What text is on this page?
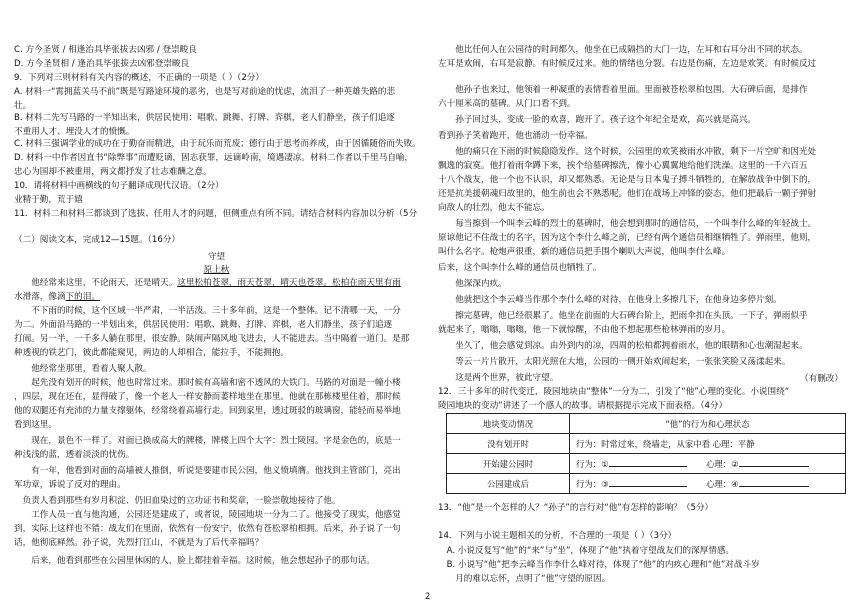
C. 方今圣贤 / 相逢治具毕张拔去凶邪 / 登崇畯良
D. 方今圣贤相 / 逢治具毕张拔去凶邪登崇畯良
9．下列对三则材料有关内容的概述，不正确的一项是（ ）（2分）
A. 材料一“霄拥蓝关马不前”既是写路途环境的恶劣，也是写对前途的忧虑，流泪了一种英雄失路的悲
壮。
B. 材料二先写马路的一半知出来，供居民使用：唱歌、跳舞、打牌、弈棋，老人们静坐，孩子们追逐
不重用人才、埋没人才的愤慨。
C. 材料三强调学业的成功在于勤奋而精进，由于玩乐而荒废；德行由于思考而养成，由于因循随俗而失败。
D. 材料一中作者因直书“除弊事”而遭贬谪，固志获罪，远谪岭南，境遇凄凉。材料二作者以千里马自喻，
忠心为国却不被重用，两文都抒发了壮志难酬之意。
10．请将材料中画横线的句子翻译成现代汉语。（2分）
业精于勤，荒于嬉
11．材料二和材料三都谈到了选拔、任用人才的问题，但侧重点有所不同。请结合材料内容加以分析（5分
（二）阅读文本，完成12—15题。（16分）
守望
原上秋
  他经常来这里，不论雨天，还是晴天。这里松柏苍翠，雨天苍翠，晴天也苍翠。松柏在雨天里有雨
水滑落，像滴下的泪。
  不下雨的时候，这个区域一半严肃，一半活泼。三十多年前，这是一个整体。记不清哪一天，一分
为二。外面沿马路的一半划出来，供居民使用：唱歌、跳舞、打牌、弈棋，老人们静坐，孩子们追逐
打闹。另一半，一千多人躺在那里，很安静。陕闹声隔风地飞进去，人不能进去。当中隔着一道门。是那
种透视的铁艺门，彼此都能窥见，两边的人却相合，能拉手，不能拥抱。
  他经常坐那里，看着人聚人散。
  起先没有划开的时候，他也时常过来。那时候有高墙和密不透风的大铁门。马路的对面是一幢小楼
，四层，现在还在，显得破了，像一个老人一样安静而萎样地坐在那里。他就在那栋楼里住着，那时候
他的双腿还有充沛的力量支撑躯体，经常绕着高墙行走。回到家里，透过斑驳的玻璃窗，能轻而易举地
看到这里。
  现在，景色不一样了。对面已换成高大的牌楼，牌楼上四个大字：烈士陵园。字是金色的，底是一
种浅浅的蓝，透着淡淡的忧伤。
  有一年，他看到对面的高墙被人推倒，听说是要建市民公园，他义愤填膺。他找到主管部门，亮出
军功章，诉说了反对的理由。
 负责人看到那些有岁月积淀、仍旧血染过的立功证书和奖章，一脸崇敬地接待了他。
  工作人员一直与他沟通，公园还是建成了，或者说，陵园地块一分为二了。他接受了现实，他感觉
到，实际上这样也不错：战友们在里面，依然有一份安宁，依然有苍松翠柏相拥。后来，孙子说了一句
话，他彻底释然。孙子说，先烈打江山，不就是为了后代幸福吗？
  后来，他看到那些在公园里休闲的人，脸上都挂着幸福。这时候，他会想起孙子的那句话。
  他比任何人在公园待的时间都久，他坐在已成隔挡的大门一边，左耳和右耳分出不同的状态。
左耳是欢闹，右耳是寂静。有时候反过来。他的情绪也分裂。右边是伤痛，左边是欢笑。有时候反过
六十厘米高的墓碑。从门口看不到。
  他孙子也来过，他领着一种凝重的表情看着里面。里面被苍松翠柏包围，大石碑后面，是排作
  孙子回过头，变成一脸的欢喜，跑开了。孩子这个年纪全是欢，高兴就是高兴。
看到孙子笑着跑开，他也涌动一份幸福。
  他的痛只在下雨的时候隐隐发作。这个时候，公园里的欢笑被雨水冲散，剩下一片空旷和因光处
飘逸的寂寞。他打着雨伞蹲下来，挨个给墓碑擦洗，像小心翼翼地给他们洗澡。这里的一千六百五
十八个战友，他一个也不认识，却又都熟悉。无论是与日本鬼子搏斗牺牲的，在解放战争中倒下的，
还是抗美援朝魂归故里的，他生前也会不熟悉呢。他们在战场上冲锋的姿态，他们把最后一颗子弹射
向敌人的壮烈，他太不能忘。
  每当擦到一个叫李云峰的烈士的墓碑时，他会想到那时的通信员，一个叫李什么峰的年轻战士。
原谅他记不住战士的名字，因为这个李什么峰之前，已经有两个通信员相继牺牲了。弹雨里，他则，
叫什么名字。枪炮声很重，新的通信员把手围个喇叭大声说，他叫李什么峰。
后来，这个叫李什么峰的通信员也牺牲了。
  他深深内疚。
  他就把这个李云峰当作那个李什么峰的对待，在他身上多擦几下，在他身边多停片刻。
  擦完墓碑，他已经很累了。他坐在前面的大石碑台阶上，把雨伞扣在头顶。一下子，弹雨似乎
就起来了，嗡嗡，嗡嗡，他一下就惊醒，不由他不想起那些枪林弹雨的岁月。
  坐久了，他会感觉到凉。由外到内的凉，四周的松柏都拥着雨水，他的眼睛和心也潮湿起来。
  等云一片片散开，太阳光照在大地，公园的一侧开始欢闹起来，一张张笑脸又荡漾起来。
  这是两个世界，彼此守望。	（有删改）
12．三十多年的时代变迁，陵园地块由“整体”一分为二，引发了“他”心理的变化。小说围绕“
陵园地块的变动”讲述了一个感人的故事。请根据提示完成下面表格。（4分）
地块变动情况	“他”的行为和心理状态
没有划开时	行为：时常过来，绕墙走，从家中看 心理：平静
开始建公园时	行为：①    心理：②
公园建成后	行为：③    心理：④
13．“他”是一个怎样的人？“孙子”的言行对“他”有怎样的影响？（5分）
14．下列与小说主题相关的分析，不合理的一项是（ ）（3分）
 A. 小说反复写“他”的“来”与“坐”，体现了“他”执着守望战友们的深厚情感。
 B. 小说写“他”把李云峰当作李什么峰对待，体现了“他”的内疚心理和“他”对战斗岁
  月的难以忘怀，点明了“他”守望的原因。
2
